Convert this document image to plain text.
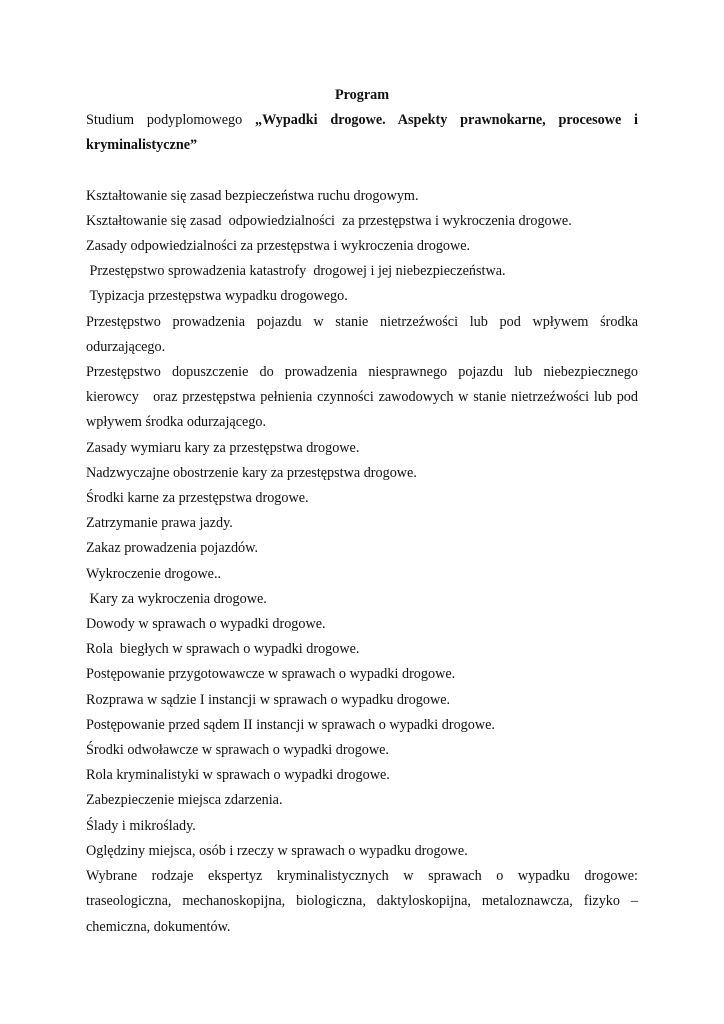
Program

Studium podyplomowego „Wypadki drogowe. Aspekty prawnokarne, procesowe i kryminalistyczne”

Kształtowanie się zasad bezpieczeństwa ruchu drogowym.

Kształtowanie się zasad  odpowiedzialności  za przestępstwa i wykroczenia drogowe.

Zasady odpowiedzialności za przestępstwa i wykroczenia drogowe.

Przestępstwo sprowadzenia katastrofy  drogowej i jej niebezpieczeństwa.

Typizacja przestępstwa wypadku drogowego.

Przestępstwo prowadzenia pojazdu w stanie nietrzeźwości lub pod wpływem środka odurzającego.

Przestępstwo dopuszczenie do prowadzenia niesprawnego pojazdu lub niebezpiecznego kierowcy   oraz przestępstwa pełnienia czynności zawodowych w stanie nietrzeźwości lub pod wpływem środka odurzającego.

Zasady wymiaru kary za przestępstwa drogowe.

Nadzwyczajne obostrzenie kary za przestępstwa drogowe.

Środki karne za przestępstwa drogowe.

Zatrzymanie prawa jazdy.

Zakaz prowadzenia pojazdów.

Wykroczenie drogowe..

Kary za wykroczenia drogowe.

Dowody w sprawach o wypadki drogowe.

Rola  biegłych w sprawach o wypadki drogowe.

Postępowanie przygotowawcze w sprawach o wypadki drogowe.

Rozprawa w sądzie I instancji w sprawach o wypadku drogowe.

Postępowanie przed sądem II instancji w sprawach o wypadki drogowe.

Środki odwoławcze w sprawach o wypadki drogowe.

Rola kryminalistyki w sprawach o wypadki drogowe.

Zabezpieczenie miejsca zdarzenia.

Ślady i mikroślady.

Oględziny miejsca, osób i rzeczy w sprawach o wypadku drogowe.

Wybrane rodzaje ekspertyz kryminalistycznych w sprawach o wypadku drogowe: traseologiczna, mechanoskopijna, biologiczna, daktyloskopijna, metaloznawcza, fizyko – chemiczna, dokumentów.
